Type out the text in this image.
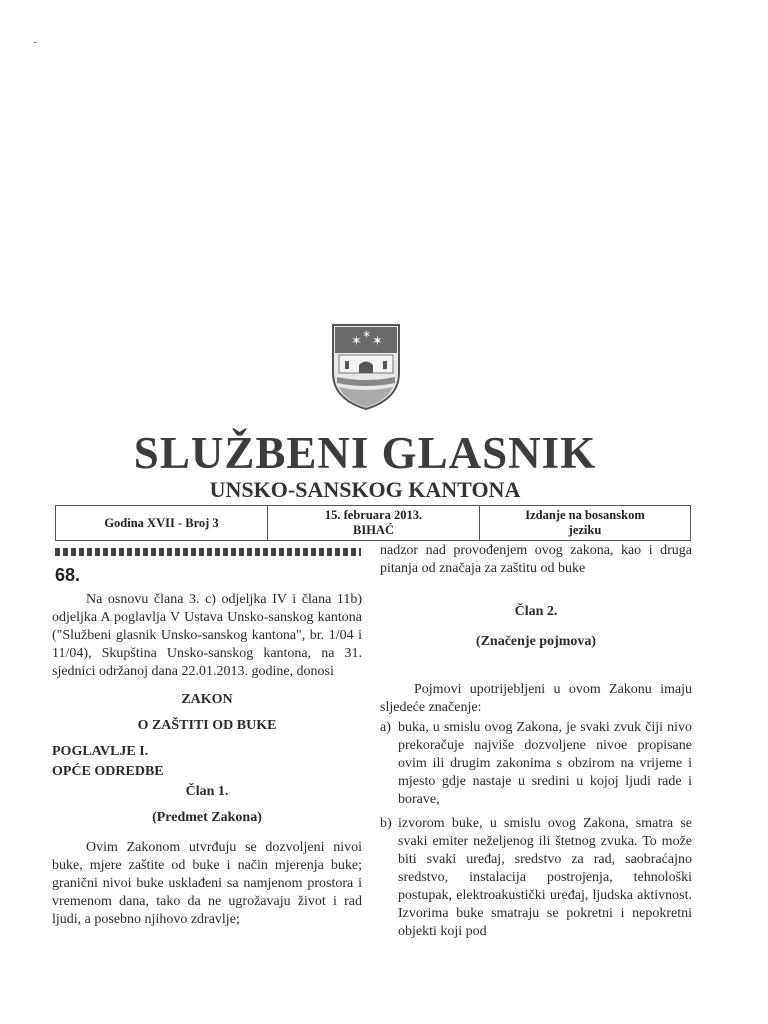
-
✶ ✶ ✶
SLUŽBENI GLASNIK
UNSKO-SANSKOG KANTONA
Godina XVII - Broj 3
15. februara 2013.
BIHAĆ
Izdanje na bosanskom
jeziku
68.

Na osnovu člana 3. c) odjeljka IV i člana 11b) odjeljka A poglavlja V Ustava Unsko-sanskog kantona ("Službeni glasnik Unsko-sanskog kantona", br. 1/04 i 11/04), Skupština Unsko-sanskog kantona, na 31. sjednici održanoj dana 22.01.2013. godine, donosi

ZAKON

O ZAŠTITI OD BUKE

POGLAVLJE I.

OPĆE ODREDBE

Član 1.

(Predmet Zakona)

Ovim Zakonom utvrđuju se dozvoljeni nivoi buke, mjere zaštite od buke i način mjerenja buke; granični nivoi buke usklađeni sa namjenom prostora i vremenom dana, tako da ne ugrožavaju život i rad ljudi, a posebno njihovo zdravlje;

nadzor nad provođenjem ovog zakona, kao i druga pitanja od značaja za zaštitu od buke

Član 2.

(Značenje pojmova)

Pojmovi upotrijebljeni u ovom Zakonu imaju sljedeće značenje:

a) buka, u smislu ovog Zakona, je svaki zvuk čiji nivo prekoračuje najviše dozvoljene nivoe propisane ovim ili drugim zakonima s obzirom na vrijeme i mjesto gdje nastaje u sredini u kojoj ljudi rade i borave,
b) izvorom buke, u smislu ovog Zakona, smatra se svaki emiter neželjenog ili štetnog zvuka. To može biti svaki uređaj, sredstvo za rad, saobraćajno sredstvo, instalacija postrojenja, tehnološki postupak, elektroakustički uređaj, ljudska aktivnost. Izvorima buke smatraju se pokretni i nepokretni objekti koji pod
